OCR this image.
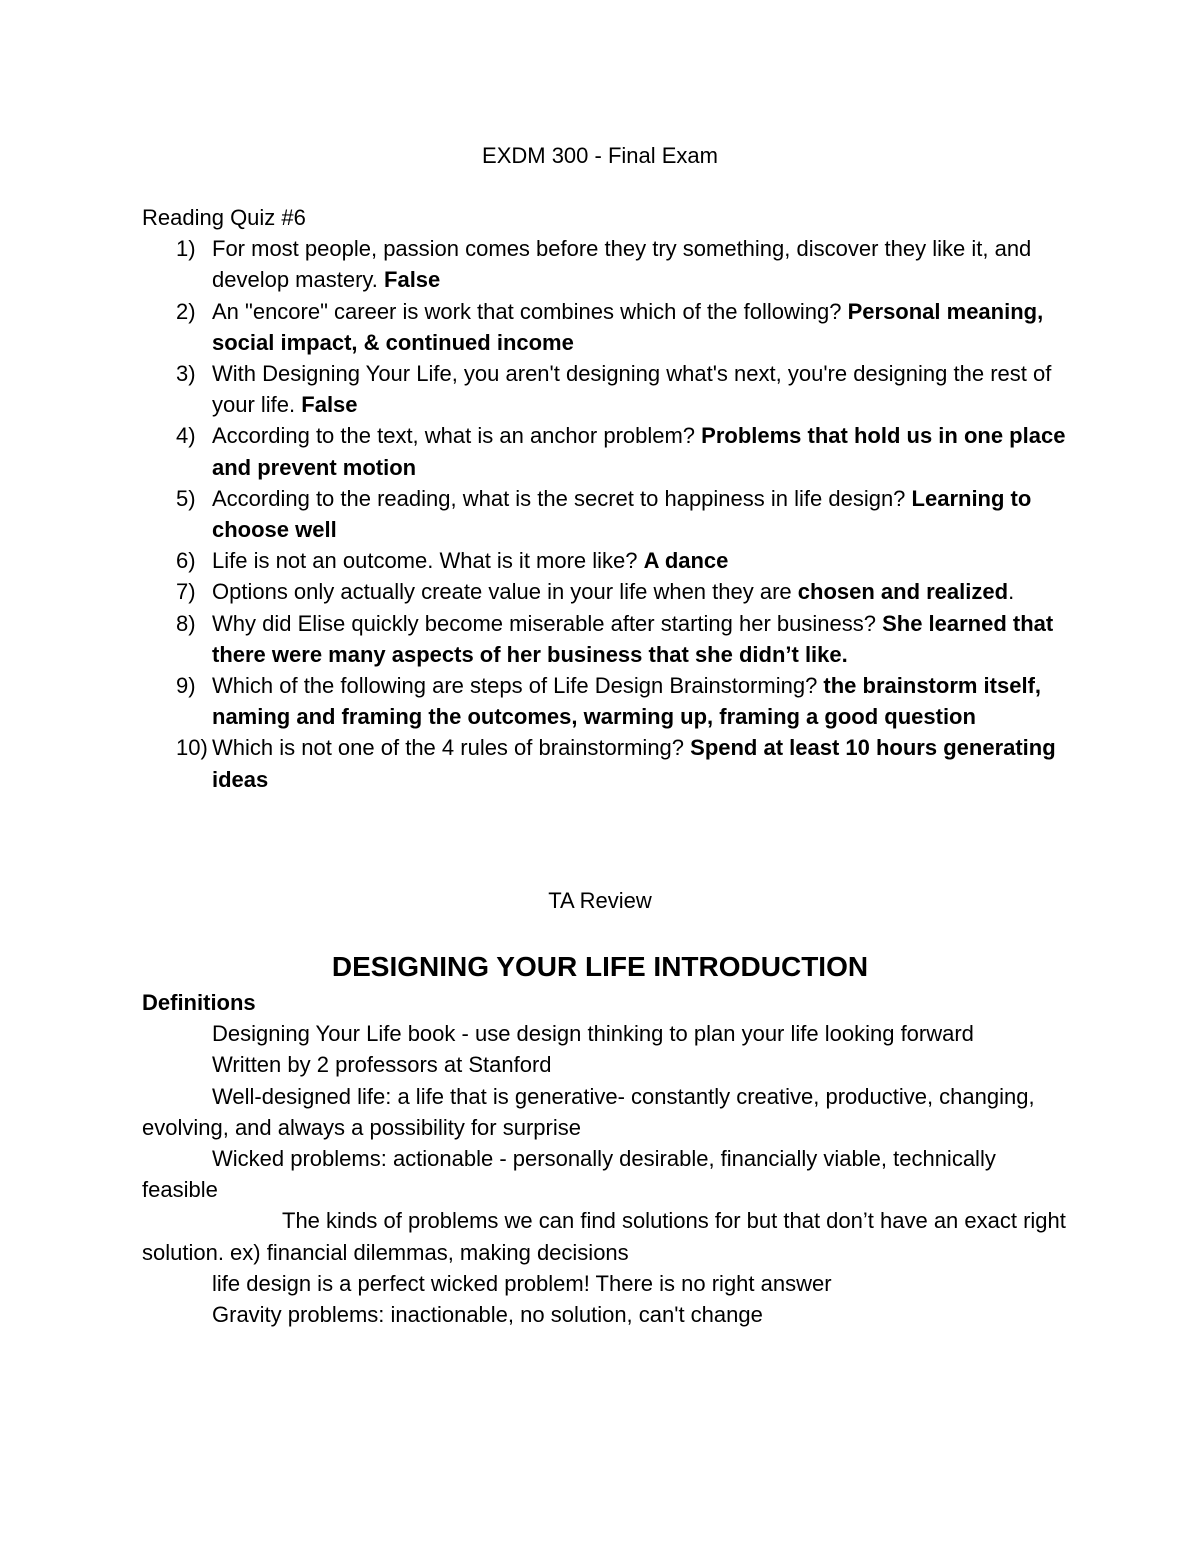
EXDM 300 - Final Exam
Reading Quiz #6
1) For most people, passion comes before they try something, discover they like it, and develop mastery. False
2) An "encore" career is work that combines which of the following? Personal meaning, social impact, & continued income
3) With Designing Your Life, you aren't designing what's next, you're designing the rest of your life. False
4) According to the text, what is an anchor problem? Problems that hold us in one place and prevent motion
5) According to the reading, what is the secret to happiness in life design? Learning to choose well
6) Life is not an outcome. What is it more like? A dance
7) Options only actually create value in your life when they are chosen and realized.
8) Why did Elise quickly become miserable after starting her business? She learned that there were many aspects of her business that she didn’t like.
9) Which of the following are steps of Life Design Brainstorming? the brainstorm itself, naming and framing the outcomes, warming up, framing a good question
10) Which is not one of the 4 rules of brainstorming? Spend at least 10 hours generating ideas
TA Review
DESIGNING YOUR LIFE INTRODUCTION
Definitions

Designing Your Life book - use design thinking to plan your life looking forward

Written by 2 professors at Stanford

Well-designed life: a life that is generative- constantly creative, productive, changing, evolving, and always a possibility for surprise

Wicked problems: actionable - personally desirable, financially viable, technically feasible

The kinds of problems we can find solutions for but that don’t have an exact right solution. ex) financial dilemmas, making decisions

life design is a perfect wicked problem! There is no right answer

Gravity problems: inactionable, no solution, can't change
